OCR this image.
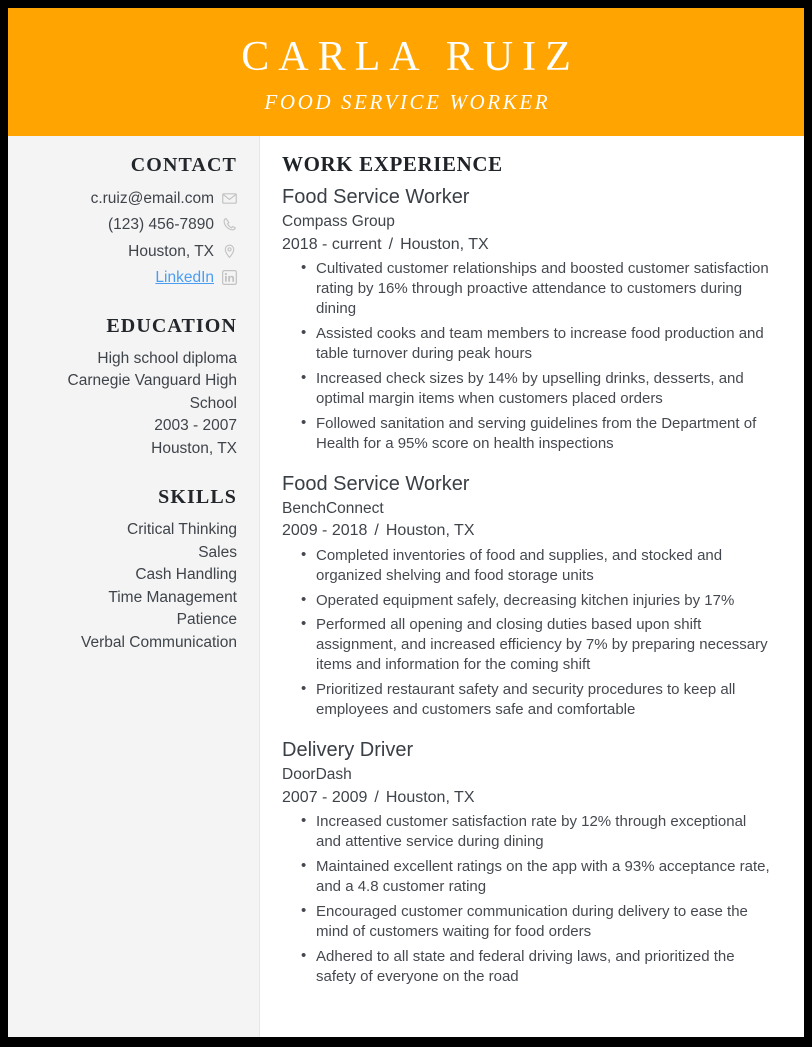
CARLA RUIZ
FOOD SERVICE WORKER
CONTACT
c.ruiz@email.com
(123) 456-7890
Houston, TX
LinkedIn
EDUCATION
High school diploma
Carnegie Vanguard High School
2003 - 2007
Houston, TX
SKILLS
Critical Thinking
Sales
Cash Handling
Time Management
Patience
Verbal Communication
WORK EXPERIENCE
Food Service Worker
Compass Group
2018 - current / Houston, TX
• Cultivated customer relationships and boosted customer satisfaction rating by 16% through proactive attendance to customers during dining
• Assisted cooks and team members to increase food production and table turnover during peak hours
• Increased check sizes by 14% by upselling drinks, desserts, and optimal margin items when customers placed orders
• Followed sanitation and serving guidelines from the Department of Health for a 95% score on health inspections
Food Service Worker
BenchConnect
2009 - 2018 / Houston, TX
• Completed inventories of food and supplies, and stocked and organized shelving and food storage units
• Operated equipment safely, decreasing kitchen injuries by 17%
• Performed all opening and closing duties based upon shift assignment, and increased efficiency by 7% by preparing necessary items and information for the coming shift
• Prioritized restaurant safety and security procedures to keep all employees and customers safe and comfortable
Delivery Driver
DoorDash
2007 - 2009 / Houston, TX
• Increased customer satisfaction rate by 12% through exceptional and attentive service during dining
• Maintained excellent ratings on the app with a 93% acceptance rate, and a 4.8 customer rating
• Encouraged customer communication during delivery to ease the mind of customers waiting for food orders
• Adhered to all state and federal driving laws, and prioritized the safety of everyone on the road
